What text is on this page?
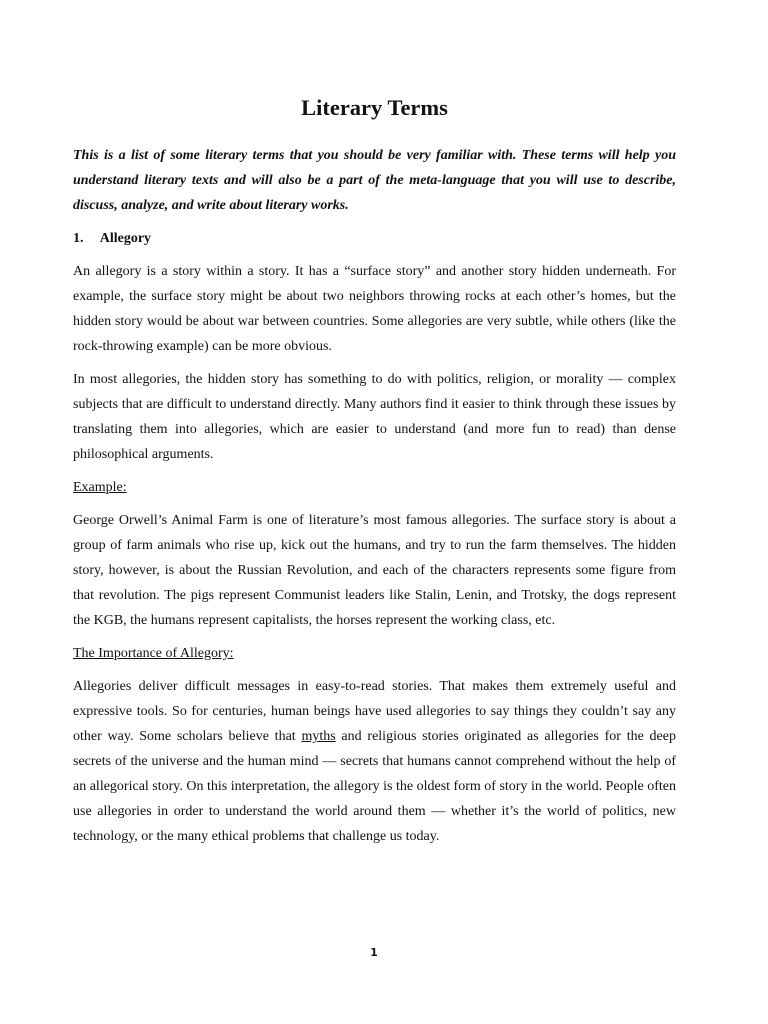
Literary Terms

This is a list of some literary terms that you should be very familiar with. These terms will help you understand literary texts and will also be a part of the meta-language that you will use to describe, discuss, analyze, and write about literary works.

1. Allegory

An allegory is a story within a story. It has a “surface story” and another story hidden underneath. For example, the surface story might be about two neighbors throwing rocks at each other’s homes, but the hidden story would be about war between countries. Some allegories are very subtle, while others (like the rock-throwing example) can be more obvious.

In most allegories, the hidden story has something to do with politics, religion, or morality — complex subjects that are difficult to understand directly. Many authors find it easier to think through these issues by translating them into allegories, which are easier to understand (and more fun to read) than dense philosophical arguments.

Example:

George Orwell’s Animal Farm is one of literature’s most famous allegories. The surface story is about a group of farm animals who rise up, kick out the humans, and try to run the farm themselves. The hidden story, however, is about the Russian Revolution, and each of the characters represents some figure from that revolution. The pigs represent Communist leaders like Stalin, Lenin, and Trotsky, the dogs represent the KGB, the humans represent capitalists, the horses represent the working class, etc.

The Importance of Allegory:

Allegories deliver difficult messages in easy-to-read stories. That makes them extremely useful and expressive tools. So for centuries, human beings have used allegories to say things they couldn’t say any other way. Some scholars believe that myths and religious stories originated as allegories for the deep secrets of the universe and the human mind — secrets that humans cannot comprehend without the help of an allegorical story. On this interpretation, the allegory is the oldest form of story in the world. People often use allegories in order to understand the world around them — whether it’s the world of politics, new technology, or the many ethical problems that challenge us today.

1
